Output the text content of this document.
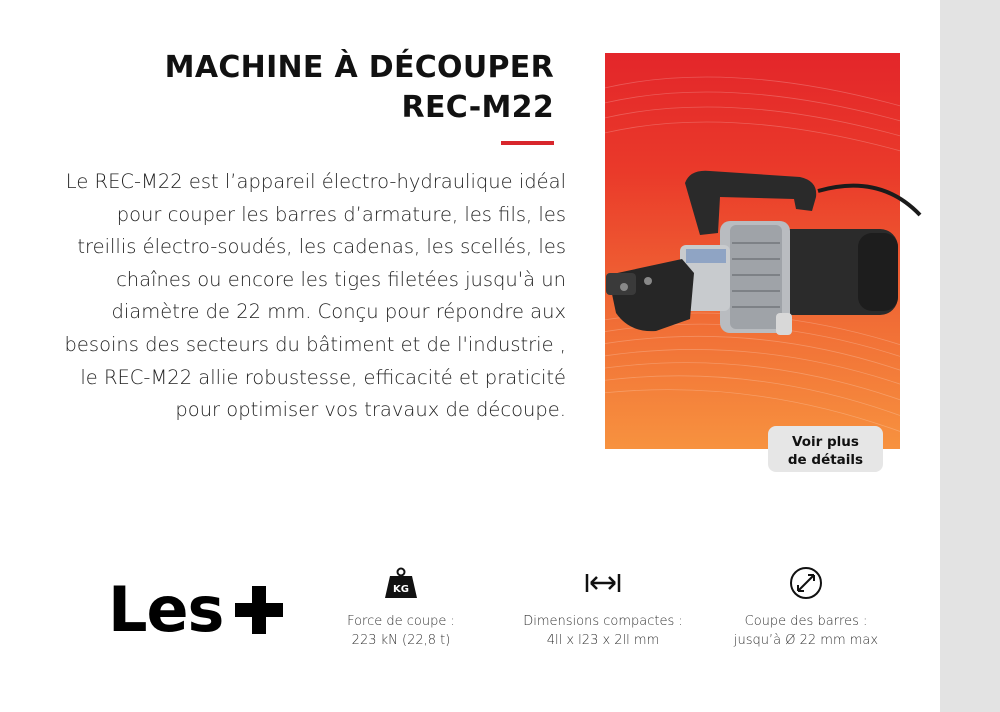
MACHINE À DÉCOUPER
REC-M22

Le REC-M22 est l’appareil électro-hydraulique idéal pour couper les barres d’armature, les fils, les treillis électro-soudés, les cadenas, les scellés, les chaînes ou encore les tiges filetées jusqu'à un diamètre de 22 mm. Conçu pour répondre aux besoins des secteurs du bâtiment et de l'industrie , le REC-M22 allie robustesse, efficacité et praticité pour optimiser vos travaux de découpe.

Voir plus
de détails
Les	KG
Force de coupe :
223 kN (22,8 t)
Dimensions compactes :
4ll x l23 x 2ll mm
Coupe des barres :
jusqu’à Ø 22 mm max
